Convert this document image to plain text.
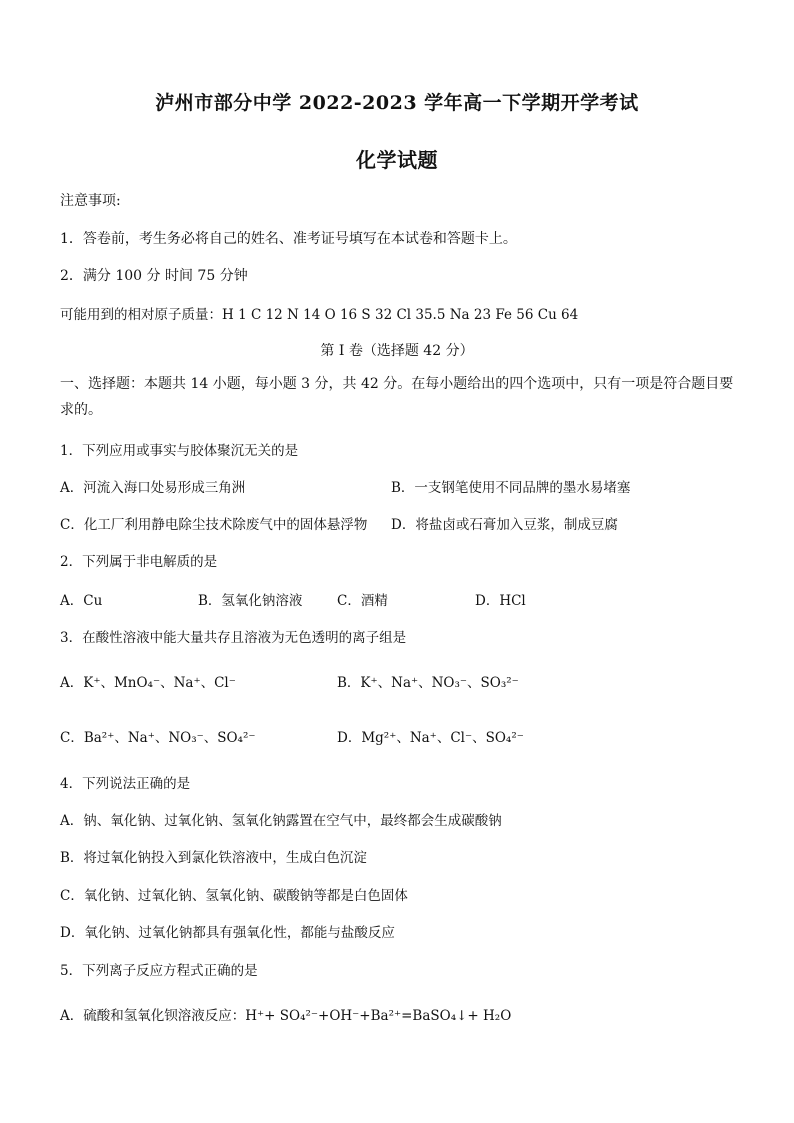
泸州市部分中学 2022-2023 学年高一下学期开学考试
化学试题
注意事项:
1．答卷前，考生务必将自己的姓名、准考证号填写在本试卷和答题卡上。
2．满分 100 分 时间 75 分钟
可能用到的相对原子质量：H 1 C 12 N 14 O 16 S 32 Cl 35.5 Na 23 Fe 56 Cu 64
第 I 卷（选择题 42 分）
一、选择题：本题共 14 小题，每小题 3 分，共 42 分。在每小题给出的四个选项中，只有一项是符合题目要求的。
1．下列应用或事实与胶体聚沉无关的是
A．河流入海口处易形成三角洲	B．一支钢笔使用不同品牌的墨水易堵塞
C．化工厂利用静电除尘技术除废气中的固体悬浮物 D．将盐卤或石膏加入豆浆，制成豆腐
2．下列属于非电解质的是
A．Cu	B．氢氧化钠溶液	C．酒精	D．HCl
3．在酸性溶液中能大量共存且溶液为无色透明的离子组是
A．K⁺、MnO₄⁻、Na⁺、Cl⁻	B．K⁺、Na⁺、NO₃⁻、SO₃²⁻
C．Ba²⁺、Na⁺、NO₃⁻、SO₄²⁻	D．Mg²⁺、Na⁺、Cl⁻、SO₄²⁻
4．下列说法正确的是
A．钠、氧化钠、过氧化钠、氢氧化钠露置在空气中，最终都会生成碳酸钠
B．将过氧化钠投入到氯化铁溶液中，生成白色沉淀
C．氧化钠、过氧化钠、氢氧化钠、碳酸钠等都是白色固体
D．氧化钠、过氧化钠都具有强氧化性，都能与盐酸反应
5．下列离子反应方程式正确的是
A．硫酸和氢氧化钡溶液反应：H⁺+ SO₄²⁻+OH⁻+Ba²⁺=BaSO₄↓+ H₂O
